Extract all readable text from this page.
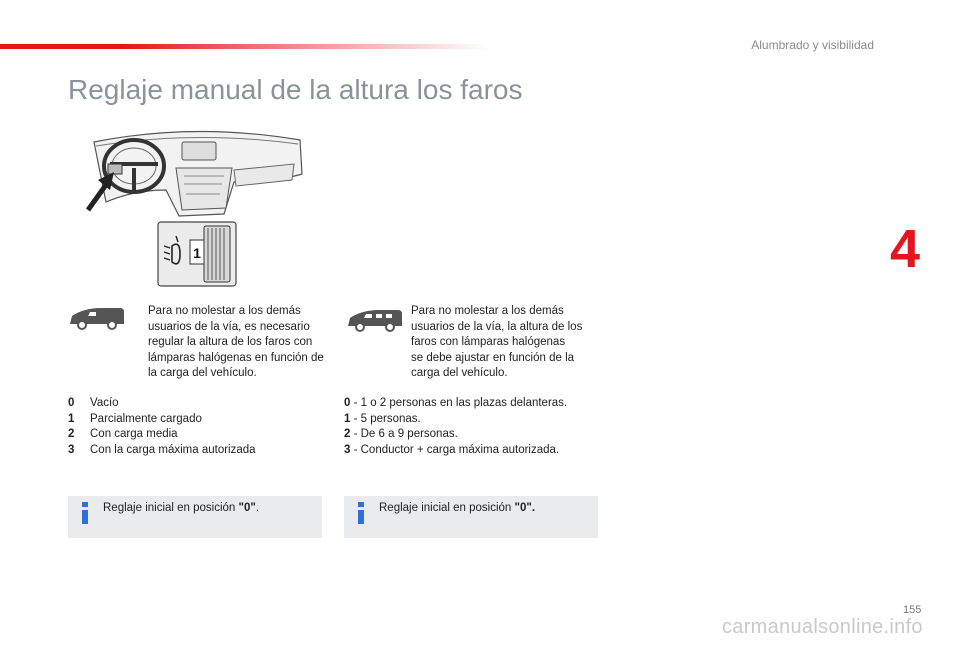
Alumbrado y visibilidad
4
Reglaje manual de la altura los faros
1
Para no molestar a los demás
usuarios de la vía, es necesario
regular la altura de los faros con
lámparas halógenas en función de
la carga del vehículo.
Para no molestar a los demás
usuarios de la vía, la altura de los
faros con lámparas halógenas
se debe ajustar en función de la
carga del vehículo.
0 Vacío
1 Parcialmente cargado
2 Con carga media
3 Con la carga máxima autorizada
0 - 1 o 2 personas en las plazas delanteras.
1 - 5 personas.
2 - De 6 a 9 personas.
3 - Conductor + carga máxima autorizada.
Reglaje inicial en posición "0".	Reglaje inicial en posición "0".
155
carmanualsonline.info
